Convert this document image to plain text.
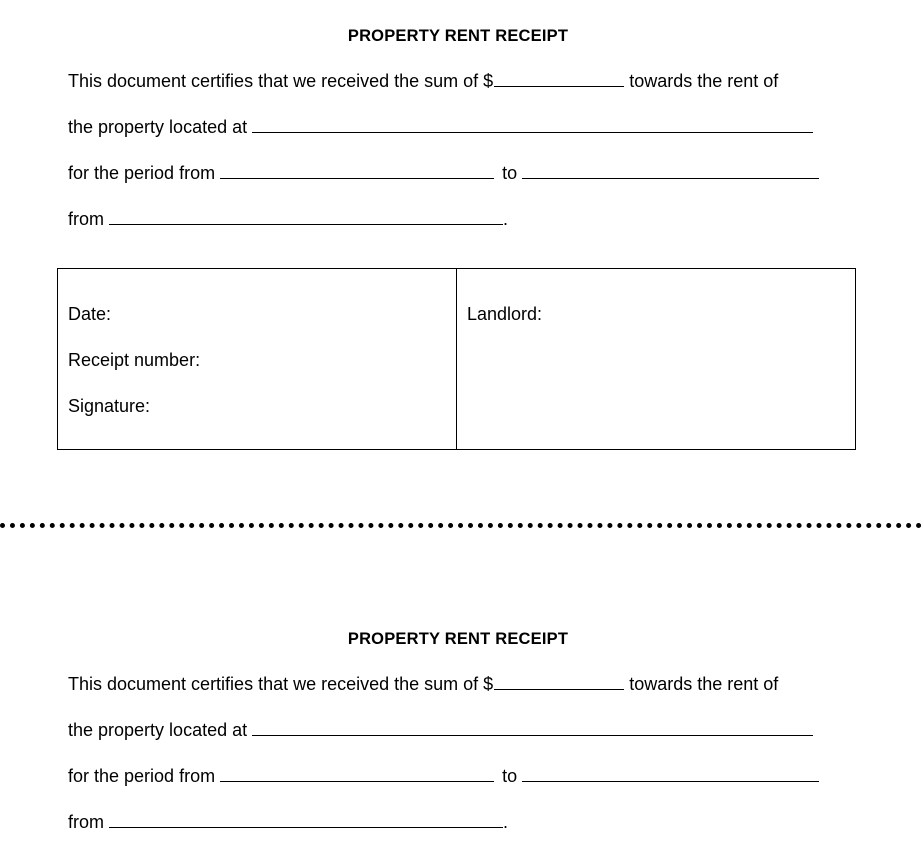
PROPERTY RENT RECEIPT
This document certifies that we received the sum of $	towards the rent of
the property located at
for the period from	to
from	.
Date:
Receipt number:
Signature:
Landlord:
PROPERTY RENT RECEIPT
This document certifies that we received the sum of $	towards the rent of
the property located at
for the period from	to
from	.
